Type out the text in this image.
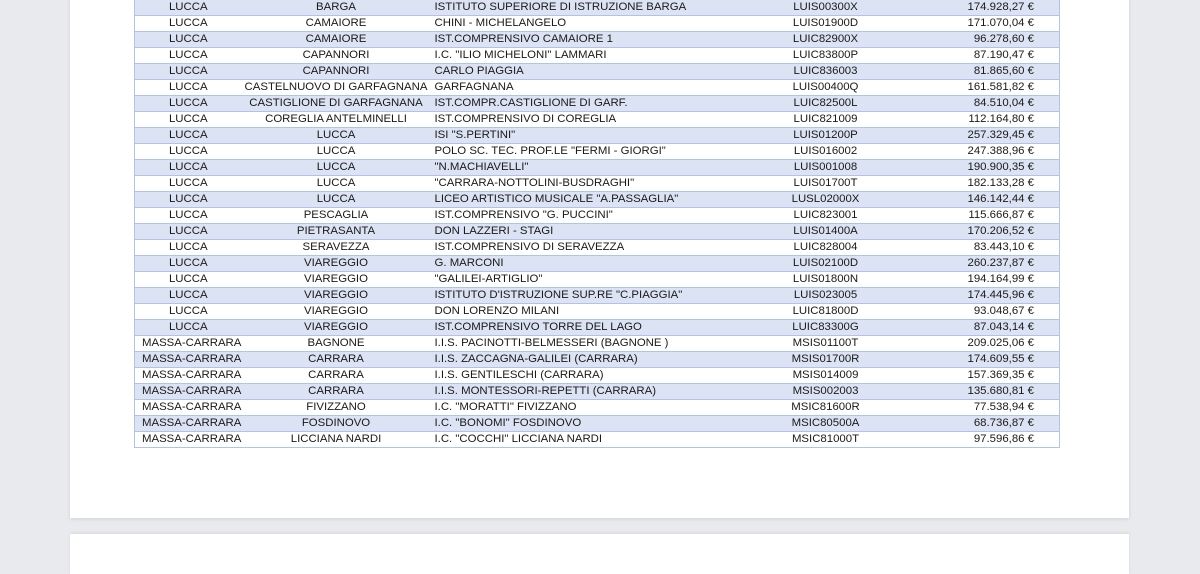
LUCCA	BARGA	ISTITUTO SUPERIORE DI ISTRUZIONE BARGA	LUIS00300X	174.928,27 €
LUCCA	CAMAIORE	CHINI - MICHELANGELO	LUIS01900D	171.070,04 €
LUCCA	CAMAIORE	IST.COMPRENSIVO CAMAIORE 1	LUIC82900X	96.278,60 €
LUCCA	CAPANNORI	I.C. "ILIO MICHELONI" LAMMARI	LUIC83800P	87.190,47 €
LUCCA	CAPANNORI	CARLO PIAGGIA	LUIC836003	81.865,60 €
LUCCA	CASTELNUOVO DI GARFAGNANA	GARFAGNANA	LUIS00400Q	161.581,82 €
LUCCA	CASTIGLIONE DI GARFAGNANA	IST.COMPR.CASTIGLIONE DI GARF.	LUIC82500L	84.510,04 €
LUCCA	COREGLIA ANTELMINELLI	IST.COMPRENSIVO DI COREGLIA	LUIC821009	112.164,80 €
LUCCA	LUCCA	ISI "S.PERTINI"	LUIS01200P	257.329,45 €
LUCCA	LUCCA	POLO SC. TEC. PROF.LE "FERMI - GIORGI"	LUIS016002	247.388,96 €
LUCCA	LUCCA	"N.MACHIAVELLI"	LUIS001008	190.900,35 €
LUCCA	LUCCA	"CARRARA-NOTTOLINI-BUSDRAGHI"	LUIS01700T	182.133,28 €
LUCCA	LUCCA	LICEO ARTISTICO MUSICALE "A.PASSAGLIA"	LUSL02000X	146.142,44 €
LUCCA	PESCAGLIA	IST.COMPRENSIVO "G. PUCCINI"	LUIC823001	115.666,87 €
LUCCA	PIETRASANTA	DON LAZZERI - STAGI	LUIS01400A	170.206,52 €
LUCCA	SERAVEZZA	IST.COMPRENSIVO DI SERAVEZZA	LUIC828004	83.443,10 €
LUCCA	VIAREGGIO	G. MARCONI	LUIS02100D	260.237,87 €
LUCCA	VIAREGGIO	"GALILEI-ARTIGLIO"	LUIS01800N	194.164,99 €
LUCCA	VIAREGGIO	ISTITUTO D'ISTRUZIONE SUP.RE "C.PIAGGIA"	LUIS023005	174.445,96 €
LUCCA	VIAREGGIO	DON LORENZO MILANI	LUIC81800D	93.048,67 €
LUCCA	VIAREGGIO	IST.COMPRENSIVO TORRE DEL LAGO	LUIC83300G	87.043,14 €
MASSA-CARRARA	BAGNONE	I.I.S. PACINOTTI-BELMESSERI (BAGNONE )	MSIS01100T	209.025,06 €
MASSA-CARRARA	CARRARA	I.I.S. ZACCAGNA-GALILEI (CARRARA)	MSIS01700R	174.609,55 €
MASSA-CARRARA	CARRARA	I.I.S. GENTILESCHI (CARRARA)	MSIS014009	157.369,35 €
MASSA-CARRARA	CARRARA	I.I.S. MONTESSORI-REPETTI (CARRARA)	MSIS002003	135.680,81 €
MASSA-CARRARA	FIVIZZANO	I.C. "MORATTI" FIVIZZANO	MSIC81600R	77.538,94 €
MASSA-CARRARA	FOSDINOVO	I.C. "BONOMI" FOSDINOVO	MSIC80500A	68.736,87 €
MASSA-CARRARA	LICCIANA NARDI	I.C. "COCCHI" LICCIANA NARDI	MSIC81000T	97.596,86 €
